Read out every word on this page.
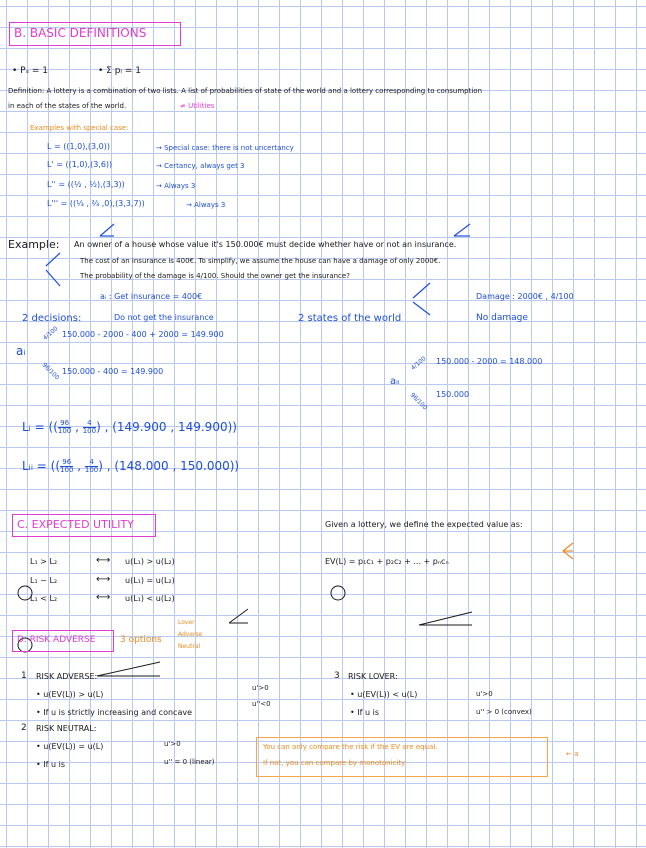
B. BASIC DEFINITIONS
• Pₛ = 1	• Σ pᵢ = 1
Definition: A lottery is a combination of two lists. A list of probabilities of state of the world and a lottery corresponding to consumption
in each of the states of the world.	≠ Utilities
Examples with special case:
L = ((1,0),(3,0))	→ Special case: there is not uncertancy
L' = ((1,0),(3,6))	→ Certancy, always get 3
L'' = ((½ , ½),(3,3))	→ Always 3
L''' = ((⅓ , ⅔ ,0),(3,3,7))	→ Always 3
Example: An owner of a house whose value it's 150.000€ must decide whether have or not an insurance.
The cost of an insurance is 400€. To simplify, we assume the house can have a damage of only 2000€.
The probability of the damage is 4/100. Should the owner get the insurance?
aᵢ : Get insurance = 400€
2 decisions:	Do not get the insurance
Damage : 2000€ , 4/100
2 states of the world	No damage
aᵢ
4/100
96/100
150.000 - 2000 - 400 + 2000 = 149.900
150.000 - 400 = 149.900
aᵢᵢ
4/100
96/100
150.000 - 2000 = 148.000
150.000
Lᵢ = (( $\frac{96}{100}$ , $\frac{4}{100}$ ) , (149.900 , 149.900))
Lᵢᵢ = (( $\frac{96}{100}$ , $\frac{4}{100}$ ) , (148.000 , 150.000))
C. EXPECTED UTILITY	Given a lottery, we define the expected value as:
EV(L) = p₁c₁ + p₂c₂ + ... + pₙcₙ
L₁ > L₂	⟷ u(L₁) > u(L₂)
L₁ ~ L₂	⟷ u(L₁) = u(L₂)
L₁ < L₂	⟷ u(L₁) < u(L₂)
D. RISK ADVERSE	3 options
Lover
Adverse
Neutral
1 RISK ADVERSE:
• u(EV(L)) > u(L)
• If u is strictly increasing and concave
u'>0
u''<0
3 RISK LOVER:
• u(EV(L)) < u(L)
• If u is
u'>0
u'' > 0 (convex)
2 RISK NEUTRAL:
• u(EV(L)) = u(L)
• If u is
u'>0
u'' = 0 (linear)
You can only compare the risk if the EV are equal.
If not, you can compare by monotonicity
← a
